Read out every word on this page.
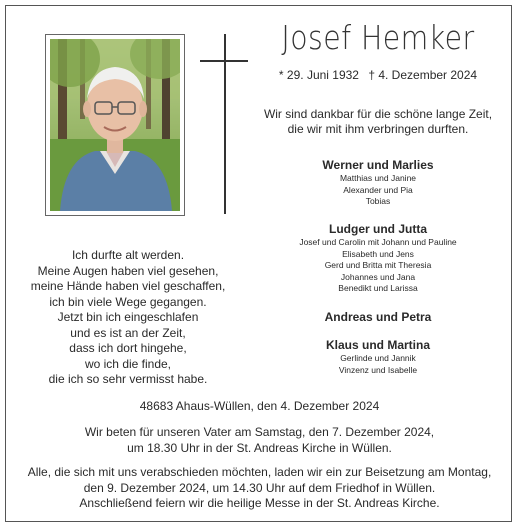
Josef Hemker
* 29. Juni 1932 † 4. Dezember 2024
Wir sind dankbar für die schöne lange Zeit,
die wir mit ihm verbringen durften.
Werner und Marlies
Matthias und Janine
Alexander und Pia
Tobias
Ludger und Jutta
Josef und Carolin mit Johann und Pauline
Elisabeth und Jens
Gerd und Britta mit Theresia
Johannes und Jana
Benedikt und Larissa
Andreas und Petra
Klaus und Martina
Gerlinde und Jannik
Vinzenz und Isabelle
Ich durfte alt werden.
Meine Augen haben viel gesehen,
meine Hände haben viel geschaffen,
ich bin viele Wege gegangen.
Jetzt bin ich eingeschlafen
und es ist an der Zeit,
dass ich dort hingehe,
wo ich die finde,
die ich so sehr vermisst habe.
48683 Ahaus-Wüllen, den 4. Dezember 2024
Wir beten für unseren Vater am Samstag, den 7. Dezember 2024,
um 18.30 Uhr in der St. Andreas Kirche in Wüllen.
Alle, die sich mit uns verabschieden möchten, laden wir ein zur Beisetzung am Montag,
den 9. Dezember 2024, um 14.30 Uhr auf dem Friedhof in Wüllen.
Anschließend feiern wir die heilige Messe in der St. Andreas Kirche.
